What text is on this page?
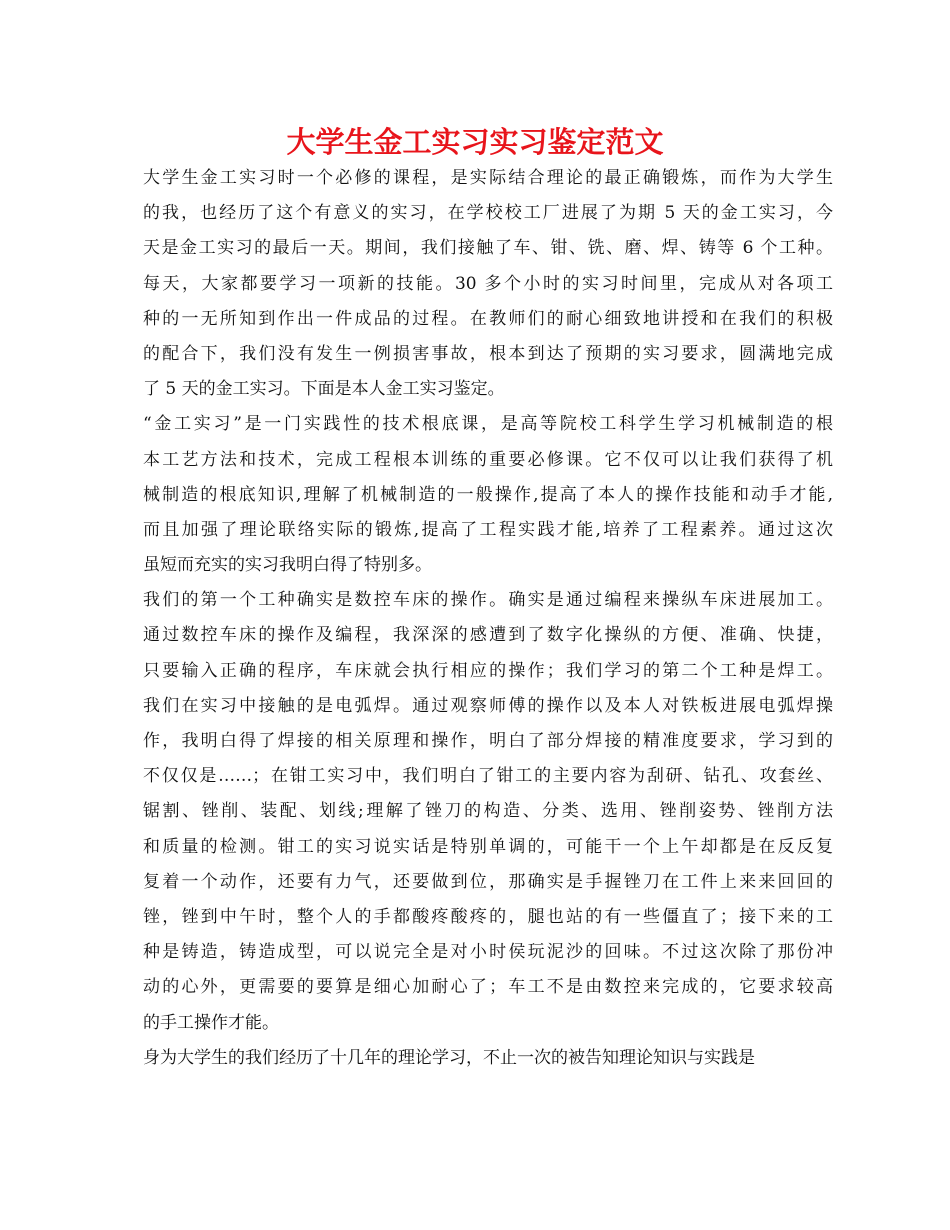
大学生金工实习实习鉴定范文
大学生金工实习时一个必修的课程，是实际结合理论的最正确锻炼，而作为大学生
的我，也经历了这个有意义的实习，在学校校工厂进展了为期 5 天的金工实习，今
天是金工实习的最后一天。期间，我们接触了车、钳、铣、磨、焊、铸等 6 个工种。
每天，大家都要学习一项新的技能。30 多个小时的实习时间里，完成从对各项工
种的一无所知到作出一件成品的过程。在教师们的耐心细致地讲授和在我们的积极
的配合下，我们没有发生一例损害事故，根本到达了预期的实习要求，圆满地完成
了 5 天的金工实习。下面是本人金工实习鉴定。
“金工实习”是一门实践性的技术根底课，是高等院校工科学生学习机械制造的根
本工艺方法和技术，完成工程根本训练的重要必修课。它不仅可以让我们获得了机
械制造的根底知识,理解了机械制造的一般操作,提高了本人的操作技能和动手才能,
而且加强了理论联络实际的锻炼,提高了工程实践才能,培养了工程素养。通过这次
虽短而充实的实习我明白得了特别多。
我们的第一个工种确实是数控车床的操作。确实是通过编程来操纵车床进展加工。
通过数控车床的操作及编程，我深深的感遭到了数字化操纵的方便、准确、快捷，
只要输入正确的程序，车床就会执行相应的操作；我们学习的第二个工种是焊工。
我们在实习中接触的是电弧焊。通过观察师傅的操作以及本人对铁板进展电弧焊操
作，我明白得了焊接的相关原理和操作，明白了部分焊接的精准度要求，学习到的
不仅仅是……；在钳工实习中，我们明白了钳工的主要内容为刮研、钻孔、攻套丝、
锯割、锉削、装配、划线;理解了锉刀的构造、分类、选用、锉削姿势、锉削方法
和质量的检测。钳工的实习说实话是特别单调的，可能干一个上午却都是在反反复
复着一个动作，还要有力气，还要做到位，那确实是手握锉刀在工件上来来回回的
锉，锉到中午时，整个人的手都酸疼酸疼的，腿也站的有一些僵直了；接下来的工
种是铸造，铸造成型，可以说完全是对小时侯玩泥沙的回味。不过这次除了那份冲
动的心外，更需要的要算是细心加耐心了；车工不是由数控来完成的，它要求较高
的手工操作才能。
身为大学生的我们经历了十几年的理论学习，不止一次的被告知理论知识与实践是
